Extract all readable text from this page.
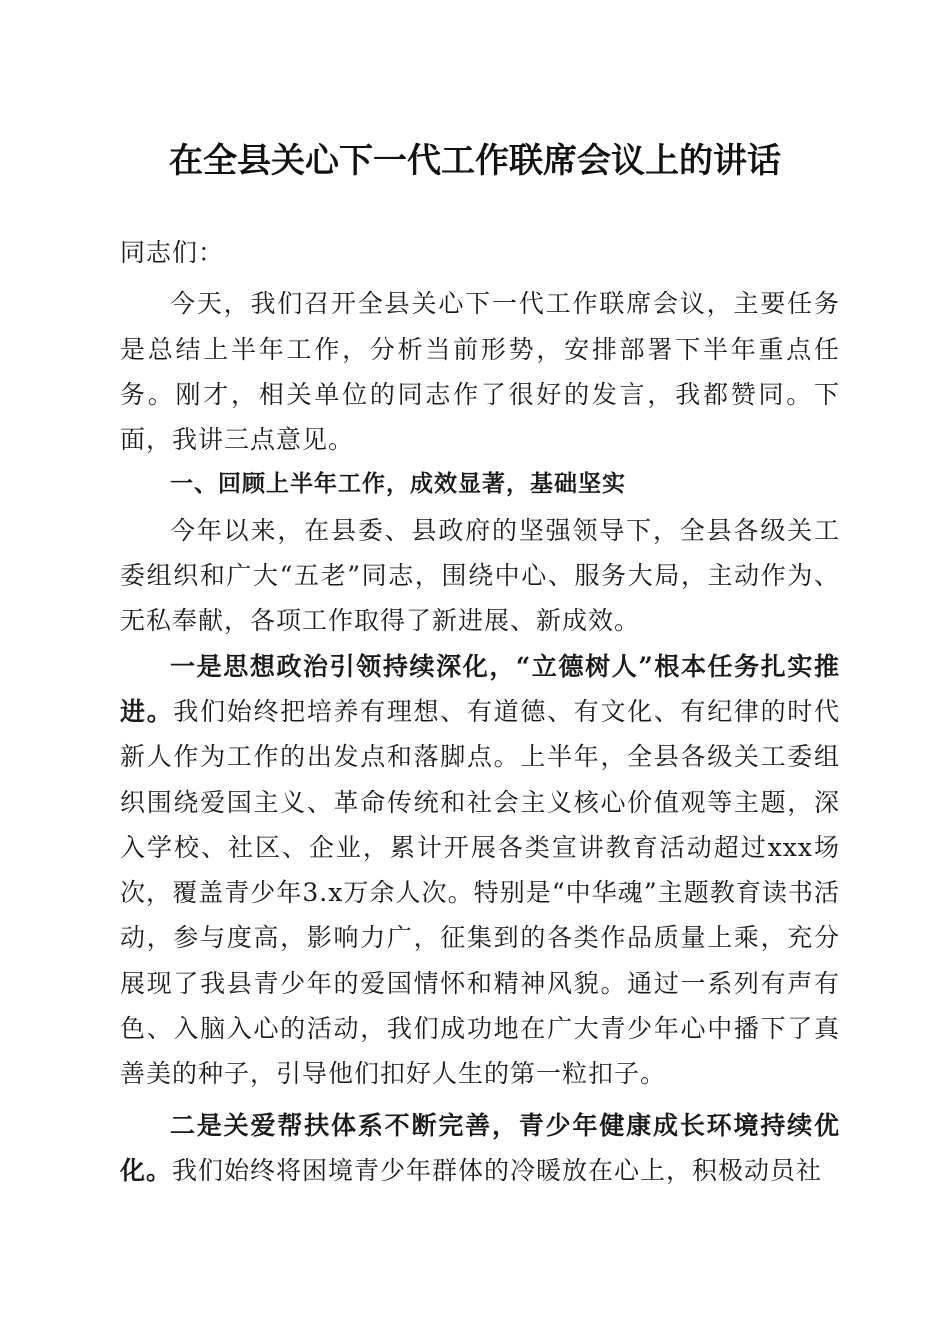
在全县关心下一代工作联席会议上的讲话

同志们：

今天，我们召开全县关心下一代工作联席会议，主要任务是总结上半年工作，分析当前形势，安排部署下半年重点任务。刚才，相关单位的同志作了很好的发言，我都赞同。下面，我讲三点意见。

一、回顾上半年工作，成效显著，基础坚实

今年以来，在县委、县政府的坚强领导下，全县各级关工委组织和广大“五老”同志，围绕中心、服务大局，主动作为、无私奉献，各项工作取得了新进展、新成效。

一是思想政治引领持续深化，“立德树人”根本任务扎实推进。我们始终把培养有理想、有道德、有文化、有纪律的时代新人作为工作的出发点和落脚点。上半年，全县各级关工委组织围绕爱国主义、革命传统和社会主义核心价值观等主题，深入学校、社区、企业，累计开展各类宣讲教育活动超过xxx场次，覆盖青少年3.x万余人次。特别是“中华魂”主题教育读书活动，参与度高，影响力广，征集到的各类作品质量上乘，充分展现了我县青少年的爱国情怀和精神风貌。通过一系列有声有色、入脑入心的活动，我们成功地在广大青少年心中播下了真善美的种子，引导他们扣好人生的第一粒扣子。

二是关爱帮扶体系不断完善，青少年健康成长环境持续优化。我们始终将困境青少年群体的冷暖放在心上，积极动员社
